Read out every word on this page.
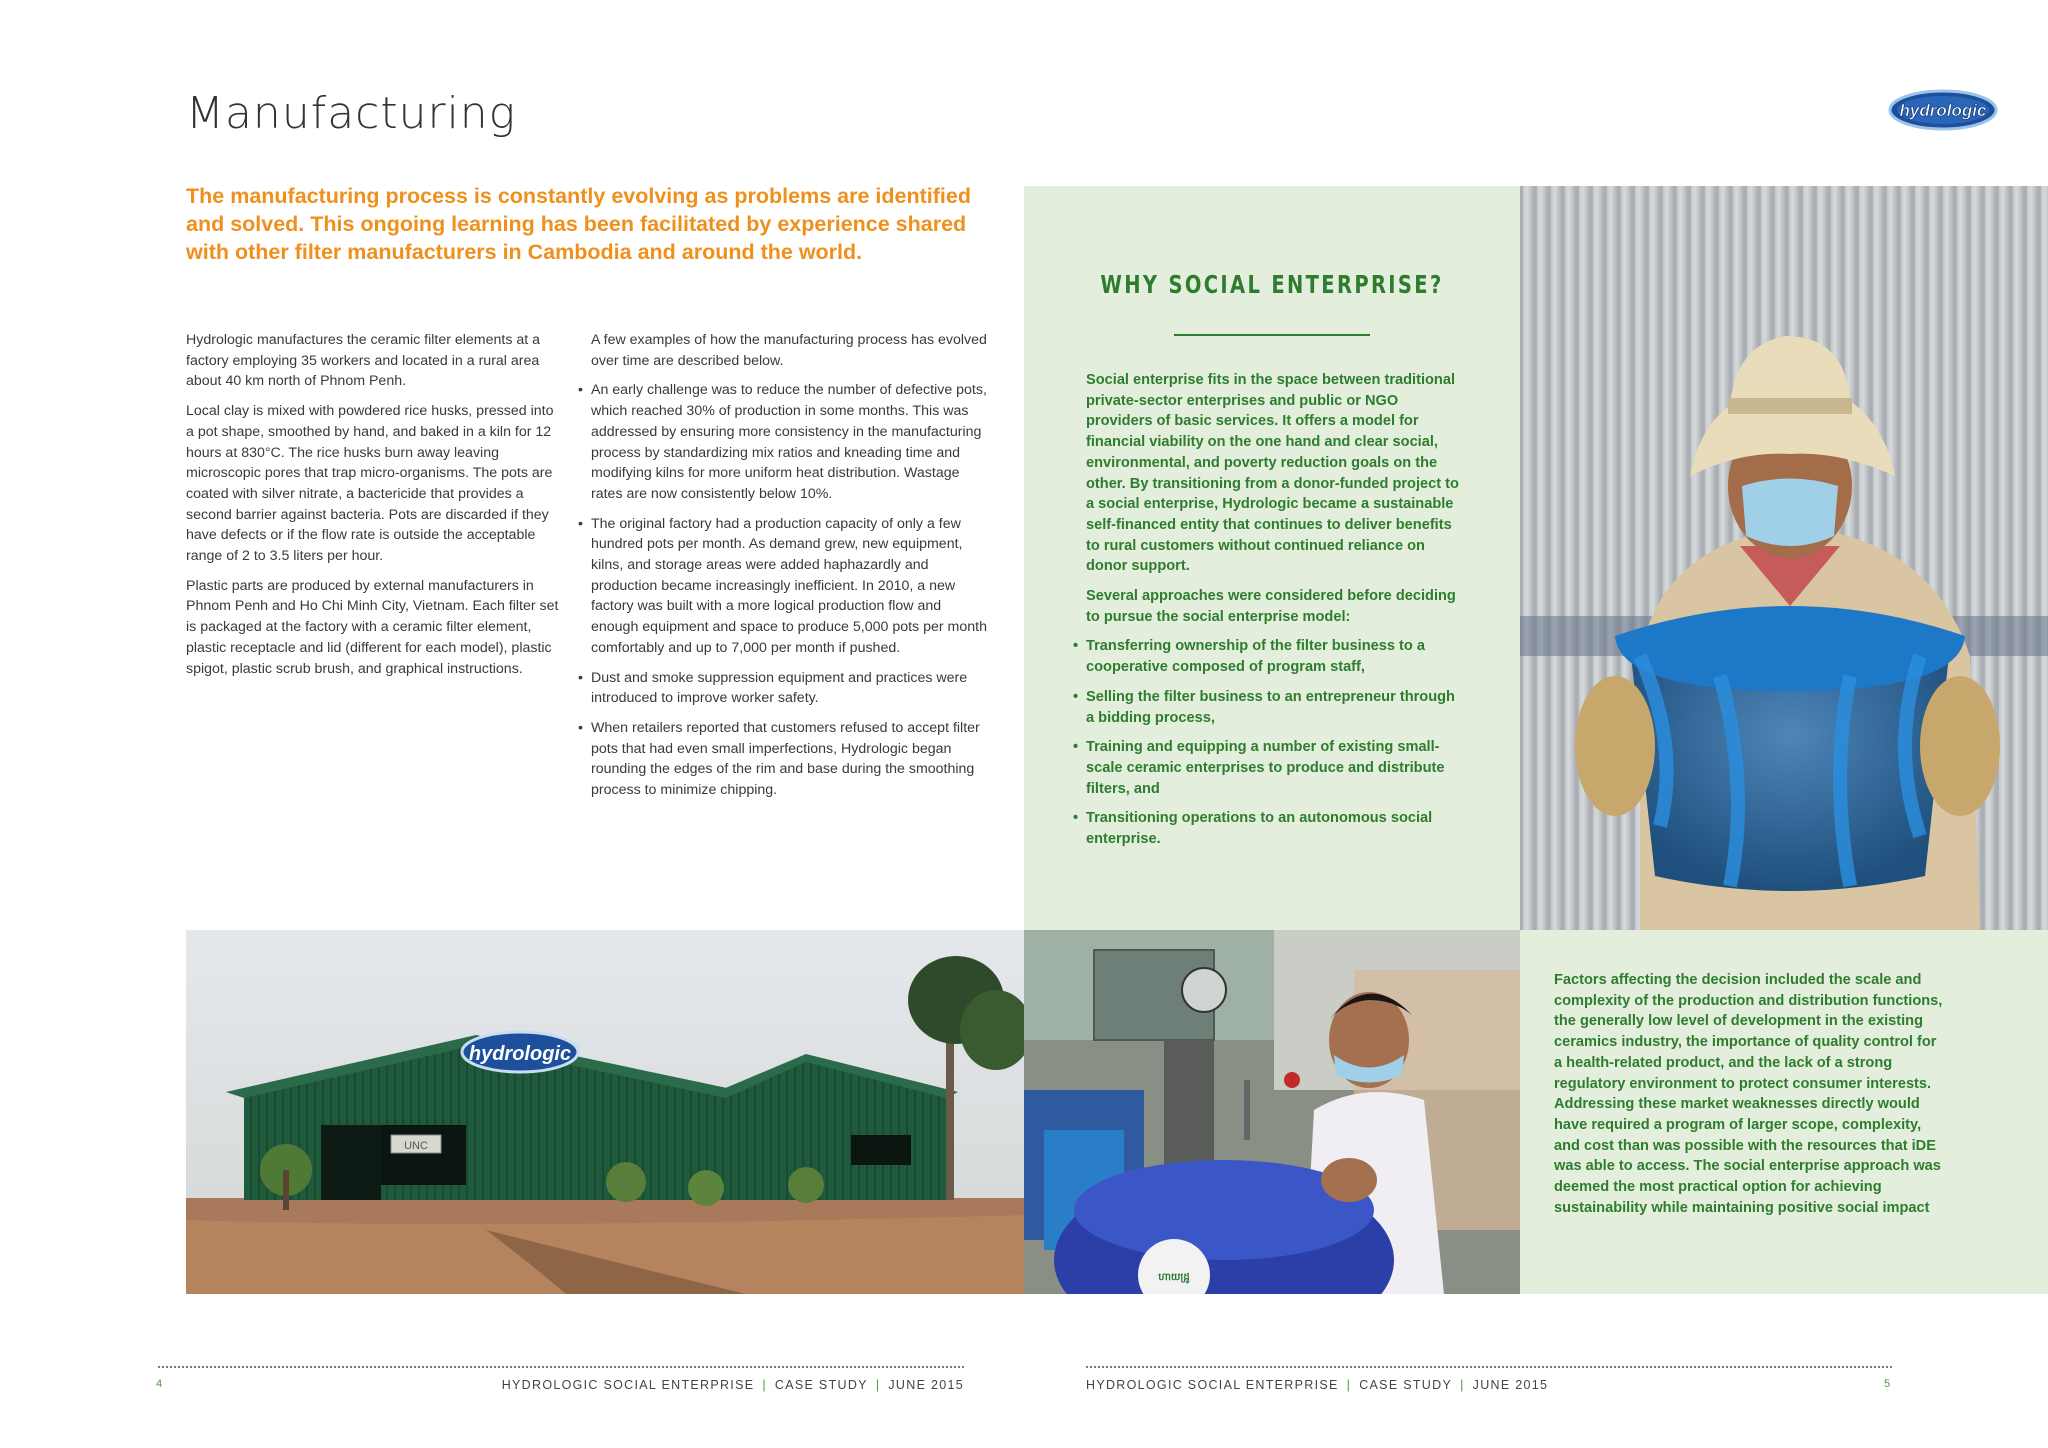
Manufacturing	hydrologic
The manufacturing process is constantly evolving as problems are identified and solved. This ongoing learning has been facilitated by experience shared with other filter manufacturers in Cambodia and around the world.

Hydrologic manufactures the ceramic filter elements at a factory employing 35 workers and located in a rural area about 40 km north of Phnom Penh.

Local clay is mixed with powdered rice husks, pressed into a pot shape, smoothed by hand, and baked in a kiln for 12 hours at 830°C. The rice husks burn away leaving microscopic pores that trap micro-organisms. The pots are coated with silver nitrate, a bactericide that provides a second barrier against bacteria. Pots are discarded if they have defects or if the flow rate is outside the acceptable range of 2 to 3.5 liters per hour.

Plastic parts are produced by external manufacturers in Phnom Penh and Ho Chi Minh City, Vietnam. Each filter set is packaged at the factory with a ceramic filter element, plastic receptacle and lid (different for each model), plastic spigot, plastic scrub brush, and graphical instructions.

A few examples of how the manufacturing process has evolved over time are described below.

• An early challenge was to reduce the number of defective pots, which reached 30% of production in some months. This was addressed by ensuring more consistency in the manufacturing process by standardizing mix ratios and kneading time and modifying kilns for more uniform heat distribution. Wastage rates are now consistently below 10%.
• The original factory had a production capacity of only a few hundred pots per month. As demand grew, new equipment, kilns, and storage areas were added haphazardly and production became increasingly inefficient. In 2010, a new factory was built with a more logical production flow and enough equipment and space to produce 5,000 pots per month comfortably and up to 7,000 per month if pushed.
• Dust and smoke suppression equipment and practices were introduced to improve worker safety.
• When retailers reported that customers refused to accept filter pots that had even small imperfections, Hydrologic began rounding the edges of the rim and base during the smoothing process to minimize chipping.
WHY SOCIAL ENTERPRISE?

Social enterprise fits in the space between traditional private-sector enterprises and public or NGO providers of basic services. It offers a model for financial viability on the one hand and clear social, environmental, and poverty reduction goals on the other. By transitioning from a donor-funded project to a social enterprise, Hydrologic became a sustainable self-financed entity that continues to deliver benefits to rural customers without continued reliance on donor support.

Several approaches were considered before deciding to pursue the social enterprise model:

• Transferring ownership of the filter business to a cooperative composed of program staff,
• Selling the filter business to an entrepreneur through a bidding process,
• Training and equipping a number of existing small-scale ceramic enterprises to produce and distribute filters, and
• Transitioning operations to an autonomous social enterprise.
Factors affecting the decision included the scale and complexity of the production and distribution functions, the generally low level of development in the existing ceramics industry, the importance of quality control for a health-related product, and the lack of a strong regulatory environment to protect consumer interests. Addressing these market weaknesses directly would have required a program of larger scope, complexity, and cost than was possible with the resources that iDE was able to access. The social enterprise approach was deemed the most practical option for achieving sustainability while maintaining positive social impact
UNC
hydrologic
ហាយដ្រូ
4	HYDROLOGIC SOCIAL ENTERPRISE | CASE STUDY | JUNE 2015	HYDROLOGIC SOCIAL ENTERPRISE | CASE STUDY | JUNE 2015	5
